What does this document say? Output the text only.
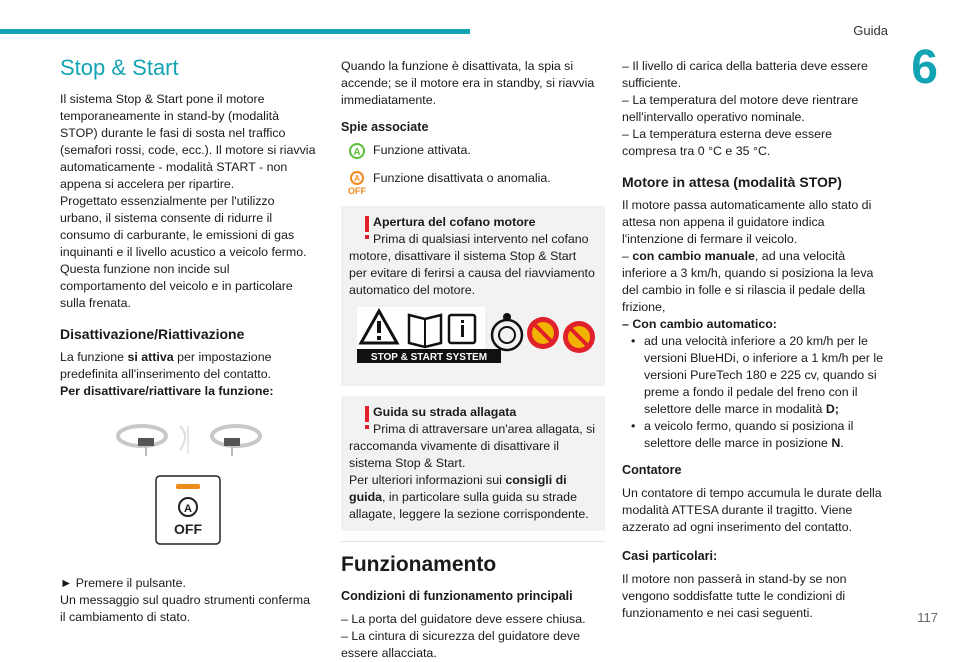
Guida
6
117
Stop & Start

Il sistema Stop & Start pone il motore temporaneamente in stand-by (modalità STOP) durante le fasi di sosta nel traffico (semafori rossi, code, ecc.). Il motore si riavvia automaticamente - modalità START - non appena si accelera per ripartire.

Progettato essenzialmente per l'utilizzo urbano, il sistema consente di ridurre il consumo di carburante, le emissioni di gas inquinanti e il livello acustico a veicolo fermo.

Questa funzione non incide sul comportamento del veicolo e in particolare sulla frenata.

Disattivazione/Riattivazione

La funzione si attiva per impostazione predefinita all'inserimento del contatto.

Per disattivare/riattivare la funzione:

A
OFF

► Premere il pulsante.

Un messaggio sul quadro strumenti conferma il cambiamento di stato.

Quando la funzione è disattivata, la spia si accende; se il motore era in standby, si riavvia immediatamente.

Spie associate
A Funzione attivata.
A
OFF
Funzione disattivata o anomalia.

Apertura del cofano motore

Prima di qualsiasi intervento nel cofano motore, disattivare il sistema Stop & Start per evitare di ferirsi a causa del riavviamento automatico del motore.

STOP & START SYSTEM

Guida su strada allagata

Prima di attraversare un'area allagata, si raccomanda vivamente di disattivare il sistema Stop & Start.

Per ulteriori informazioni sui consigli di guida, in particolare sulla guida su strade allagate, leggere la sezione corrispondente.

Funzionamento
Condizioni di funzionamento principali

– La porta del guidatore deve essere chiusa.

– La cintura di sicurezza del guidatore deve essere allacciata.

– Il livello di carica della batteria deve essere sufficiente.

– La temperatura del motore deve rientrare nell'intervallo operativo nominale.

– La temperatura esterna deve essere compresa tra 0 °C e 35 °C.

Motore in attesa (modalità STOP)

Il motore passa automaticamente allo stato di attesa non appena il guidatore indica l'intenzione di fermare il veicolo.

– con cambio manuale, ad una velocità inferiore a 3 km/h, quando si posiziona la leva del cambio in folle e si rilascia il pedale della frizione,

– Con cambio automatico:

• ad una velocità inferiore a 20 km/h per le versioni BlueHDi, o inferiore a 1 km/h per le versioni PureTech 180 e 225 cv, quando si preme a fondo il pedale del freno con il selettore delle marce in modalità D;
• a veicolo fermo, quando si posiziona il selettore delle marce in posizione N.
Contatore

Un contatore di tempo accumula le durate della modalità ATTESA durante il tragitto. Viene azzerato ad ogni inserimento del contatto.

Casi particolari:

Il motore non passerà in stand-by se non vengono soddisfatte tutte le condizioni di funzionamento e nei casi seguenti.
